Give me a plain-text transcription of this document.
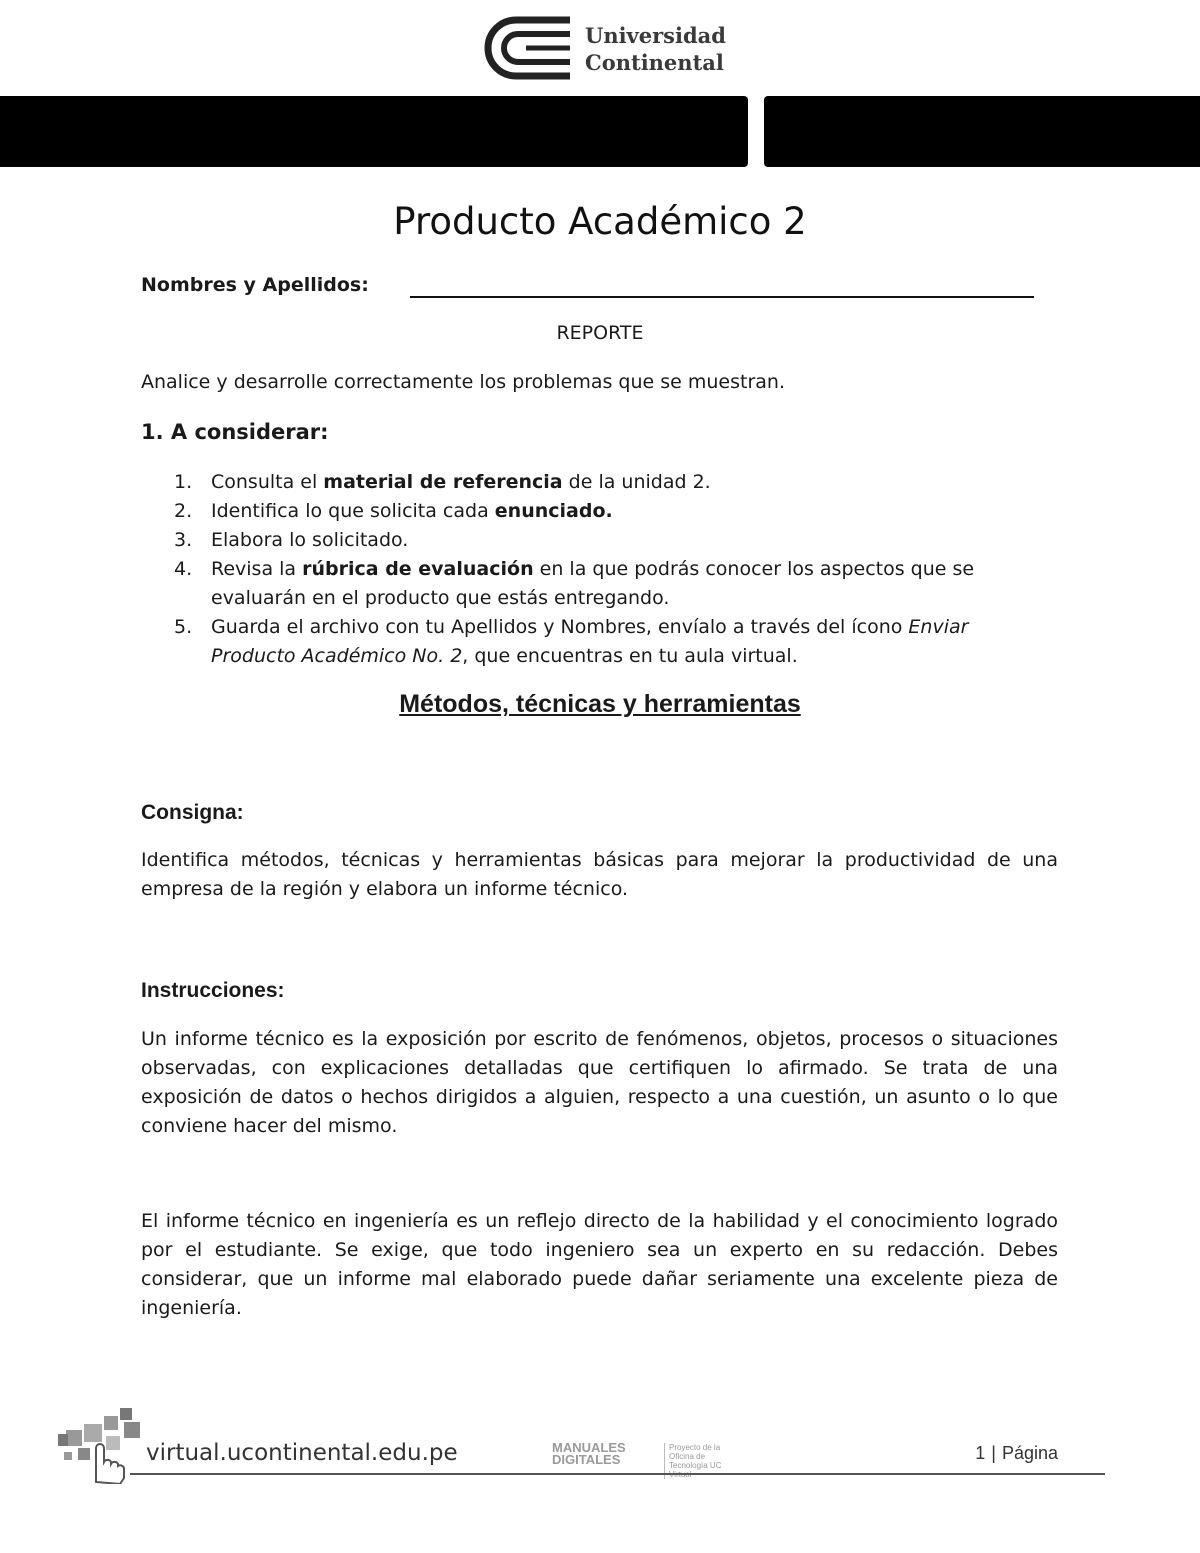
Universidad
Continental
Producto Académico 2
Nombres y Apellidos:
REPORTE
Analice y desarrolle correctamente los problemas que se muestran.
1. A considerar:
1. Consulta el material de referencia de la unidad 2.
2. Identifica lo que solicita cada enunciado.
3. Elabora lo solicitado.
4. Revisa la rúbrica de evaluación en la que podrás conocer los aspectos que se evaluarán en el producto que estás entregando.
5. Guarda el archivo con tu Apellidos y Nombres, envíalo a través del ícono Enviar Producto Académico No. 2, que encuentras en tu aula virtual.
Métodos, técnicas y herramientas
Consigna:
Identifica métodos, técnicas y herramientas básicas para mejorar la productividad de una empresa de la región y elabora un informe técnico.
Instrucciones:
Un informe técnico es la exposición por escrito de fenómenos, objetos, procesos o situaciones observadas, con explicaciones detalladas que certifiquen lo afirmado. Se trata de una exposición de datos o hechos dirigidos a alguien, respecto a una cuestión, un asunto o lo que conviene hacer del mismo.
El informe técnico en ingeniería es un reflejo directo de la habilidad y el conocimiento logrado por el estudiante. Se exige, que todo ingeniero sea un experto en su redacción. Debes considerar, que un informe mal elaborado puede dañar seriamente una excelente pieza de ingeniería.
virtual.ucontinental.edu.pe	MANUALES
DIGITALES
Proyecto de la Oficina de Tecnología UC Virtual
1 | Página
